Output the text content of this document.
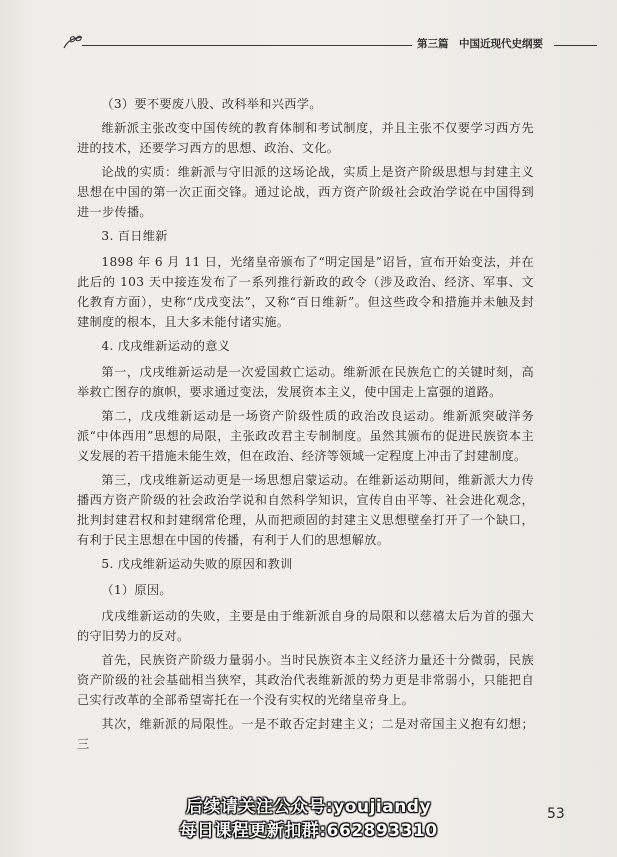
第三篇　中国近现代史纲要

（3）要不要废八股、改科举和兴西学。

维新派主张改变中国传统的教育体制和考试制度，并且主张不仅要学习西方先进的技术，还要学习西方的思想、政治、文化。

论战的实质：维新派与守旧派的这场论战，实质上是资产阶级思想与封建主义思想在中国的第一次正面交锋。通过论战，西方资产阶级社会政治学说在中国得到进一步传播。

3. 百日维新

1898 年 6 月 11 日，光绪皇帝颁布了“明定国是”诏旨，宣布开始变法，并在此后的 103 天中接连发布了一系列推行新政的政令（涉及政治、经济、军事、文化教育方面），史称“戊戌变法”，又称“百日维新”。但这些政令和措施并未触及封建制度的根本，且大多未能付诸实施。

4. 戊戌维新运动的意义

第一，戊戌维新运动是一次爱国救亡运动。维新派在民族危亡的关键时刻，高举救亡图存的旗帜，要求通过变法，发展资本主义，使中国走上富强的道路。

第二，戊戌维新运动是一场资产阶级性质的政治改良运动。维新派突破洋务派“中体西用”思想的局限，主张政改君主专制制度。虽然其颁布的促进民族资本主义发展的若干措施未能生效，但在政治、经济等领域一定程度上冲击了封建制度。

第三，戊戌维新运动更是一场思想启蒙运动。在维新运动期间，维新派大力传播西方资产阶级的社会政治学说和自然科学知识，宣传自由平等、社会进化观念，批判封建君权和封建纲常伦理，从而把顽固的封建主义思想壁垒打开了一个缺口，有利于民主思想在中国的传播，有利于人们的思想解放。

5. 戊戌维新运动失败的原因和教训

（1）原因。

戊戌维新运动的失败，主要是由于维新派自身的局限和以慈禧太后为首的强大的守旧势力的反对。

首先，民族资产阶级力量弱小。当时民族资本主义经济力量还十分微弱，民族资产阶级的社会基础相当狭窄，其政治代表维新派的势力更是非常弱小，只能把自己实行改革的全部希望寄托在一个没有实权的光绪皇帝身上。

其次，维新派的局限性。一是不敢否定封建主义；二是对帝国主义抱有幻想；三

53
后续请关注公众号:youjiandy
每日课程更新扣群:662893310
